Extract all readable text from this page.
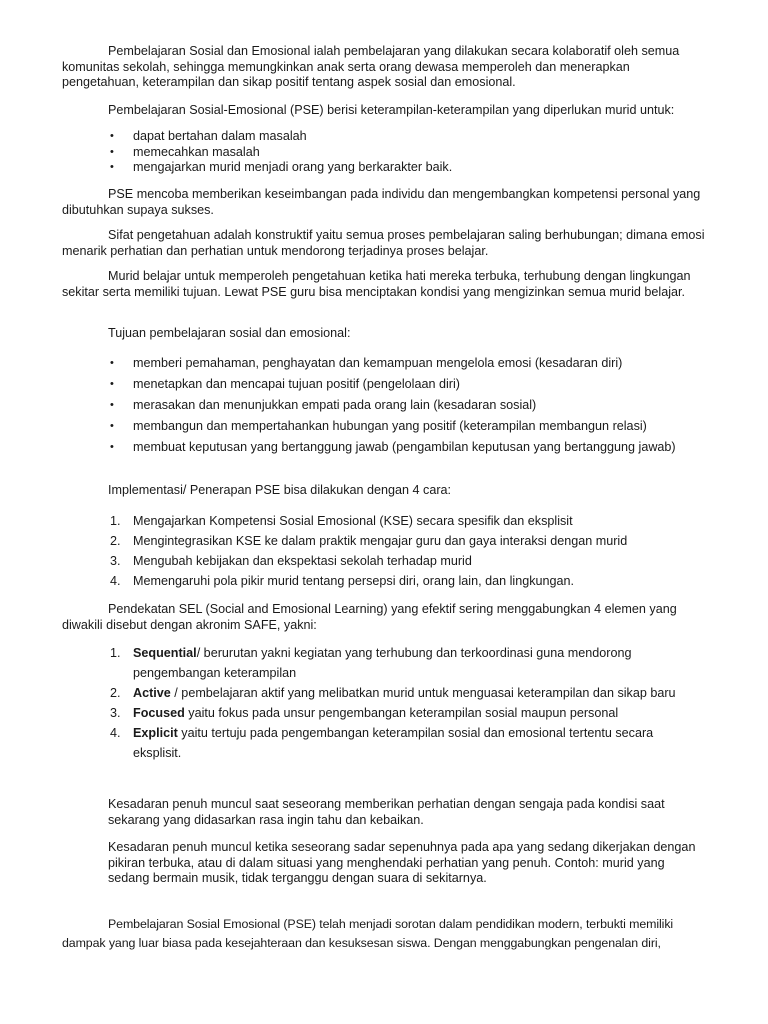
Pembelajaran Sosial dan Emosional ialah pembelajaran yang dilakukan secara kolaboratif oleh semua komunitas sekolah, sehingga memungkinkan anak serta orang dewasa memperoleh dan menerapkan pengetahuan, keterampilan dan sikap positif tentang aspek sosial dan emosional.

Pembelajaran Sosial-Emosional (PSE) berisi keterampilan-keterampilan yang diperlukan murid untuk:

• dapat bertahan dalam masalah
• memecahkan masalah
• mengajarkan murid menjadi orang yang berkarakter baik.

PSE mencoba memberikan keseimbangan pada individu dan mengembangkan kompetensi personal yang dibutuhkan supaya sukses.

Sifat pengetahuan adalah konstruktif yaitu semua proses pembelajaran saling berhubungan; dimana emosi menarik perhatian dan perhatian untuk mendorong terjadinya proses belajar.

Murid belajar untuk memperoleh pengetahuan ketika hati mereka terbuka, terhubung dengan lingkungan sekitar serta memiliki tujuan. Lewat PSE guru bisa menciptakan kondisi yang mengizinkan semua murid belajar.

Tujuan pembelajaran sosial dan emosional:

• memberi pemahaman, penghayatan dan kemampuan mengelola emosi (kesadaran diri)
• menetapkan dan mencapai tujuan positif (pengelolaan diri)
• merasakan dan menunjukkan empati pada orang lain (kesadaran sosial)
• membangun dan mempertahankan hubungan yang positif (keterampilan membangun relasi)
• membuat keputusan yang bertanggung jawab (pengambilan keputusan yang bertanggung jawab)

Implementasi/ Penerapan PSE bisa dilakukan dengan 4 cara:

1. Mengajarkan Kompetensi Sosial Emosional (KSE) secara spesifik dan eksplisit
2. Mengintegrasikan KSE ke dalam praktik mengajar guru dan gaya interaksi dengan murid
3. Mengubah kebijakan dan ekspektasi sekolah terhadap murid
4. Memengaruhi pola pikir murid tentang persepsi diri, orang lain, dan lingkungan.

Pendekatan SEL (Social and Emosional Learning) yang efektif sering menggabungkan 4 elemen yang diwakili disebut dengan akronim SAFE, yakni:

1. Sequential/ berurutan yakni kegiatan yang terhubung dan terkoordinasi guna mendorong pengembangan keterampilan
2. Active / pembelajaran aktif yang melibatkan murid untuk menguasai keterampilan dan sikap baru
3. Focused yaitu fokus pada unsur pengembangan keterampilan sosial maupun personal
4. Explicit yaitu tertuju pada pengembangan keterampilan sosial dan emosional tertentu secara eksplisit.

Kesadaran penuh muncul saat seseorang memberikan perhatian dengan sengaja pada kondisi saat sekarang yang didasarkan rasa ingin tahu dan kebaikan.

Kesadaran penuh muncul ketika seseorang sadar sepenuhnya pada apa yang sedang dikerjakan dengan pikiran terbuka, atau di dalam situasi yang menghendaki perhatian yang penuh. Contoh: murid yang sedang bermain musik, tidak terganggu dengan suara di sekitarnya.

Pembelajaran Sosial Emosional (PSE) telah menjadi sorotan dalam pendidikan modern, terbukti memiliki dampak yang luar biasa pada kesejahteraan dan kesuksesan siswa. Dengan menggabungkan pengenalan diri,
